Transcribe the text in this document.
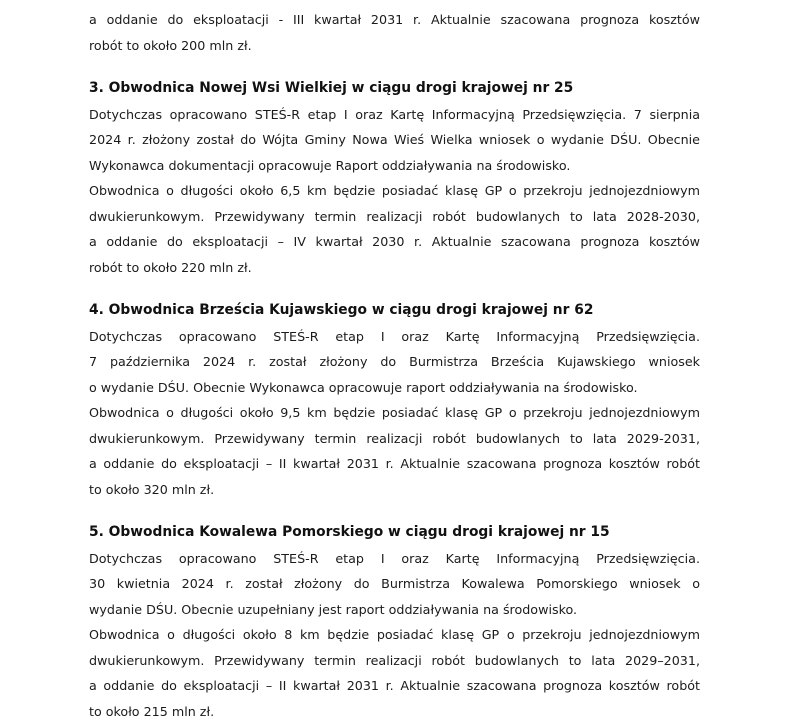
a oddanie do eksploatacji - III kwartał 2031 r. Aktualnie szacowana prognoza kosztów
robót to około 200 mln zł.

3. Obwodnica Nowej Wsi Wielkiej w ciągu drogi krajowej nr 25

Dotychczas opracowano STEŚ-R etap I oraz Kartę Informacyjną Przedsięwzięcia. 7 sierpnia
2024 r. złożony został do Wójta Gminy Nowa Wieś Wielka wniosek o wydanie DŚU. Obecnie
Wykonawca dokumentacji opracowuje Raport oddziaływania na środowisko.

Obwodnica o długości około 6,5 km będzie posiadać klasę GP o przekroju jednojezdniowym
dwukierunkowym. Przewidywany termin realizacji robót budowlanych to lata 2028-2030,
a oddanie do eksploatacji – IV kwartał 2030 r. Aktualnie szacowana prognoza kosztów
robót to około 220 mln zł.

4. Obwodnica Brześcia Kujawskiego w ciągu drogi krajowej nr 62

Dotychczas opracowano STEŚ-R etap I oraz Kartę Informacyjną Przedsięwzięcia.
7 października 2024 r. został złożony do Burmistrza Brześcia Kujawskiego wniosek
o wydanie DŚU. Obecnie Wykonawca opracowuje raport oddziaływania na środowisko.

Obwodnica o długości około 9,5 km będzie posiadać klasę GP o przekroju jednojezdniowym
dwukierunkowym. Przewidywany termin realizacji robót budowlanych to lata 2029-2031,
a oddanie do eksploatacji – II kwartał 2031 r. Aktualnie szacowana prognoza kosztów robót
to około 320 mln zł.

5. Obwodnica Kowalewa Pomorskiego w ciągu drogi krajowej nr 15

Dotychczas opracowano STEŚ-R etap I oraz Kartę Informacyjną Przedsięwzięcia.
30 kwietnia 2024 r. został złożony do Burmistrza Kowalewa Pomorskiego wniosek o
wydanie DŚU. Obecnie uzupełniany jest raport oddziaływania na środowisko.

Obwodnica o długości około 8 km będzie posiadać klasę GP o przekroju jednojezdniowym
dwukierunkowym. Przewidywany termin realizacji robót budowlanych to lata 2029–2031,
a oddanie do eksploatacji – II kwartał 2031 r. Aktualnie szacowana prognoza kosztów robót
to około 215 mln zł.
